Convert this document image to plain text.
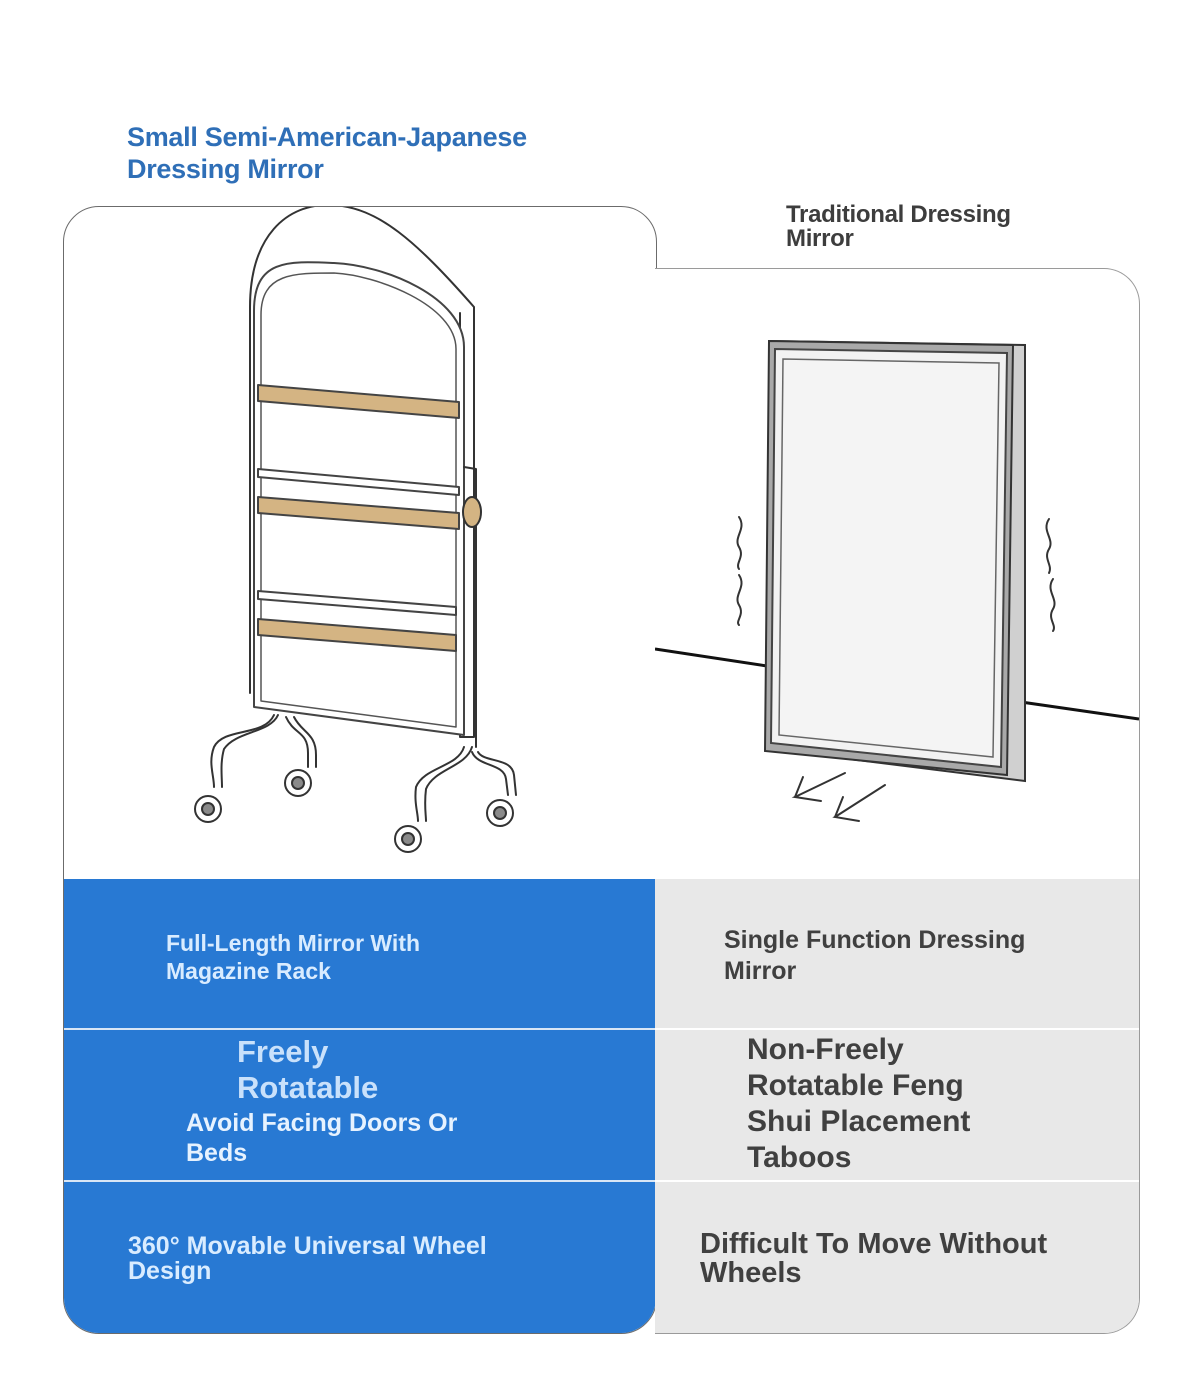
Small Semi-American-Japanese Dressing Mirror
Traditional Dressing Mirror
Full-Length Mirror With Magazine Rack
Freely Rotatable
Avoid Facing Doors Or Beds
360° Movable Universal Wheel Design
Single Function Dressing Mirror
Non-Freely Rotatable Feng Shui Placement Taboos
Difficult To Move Without Wheels
